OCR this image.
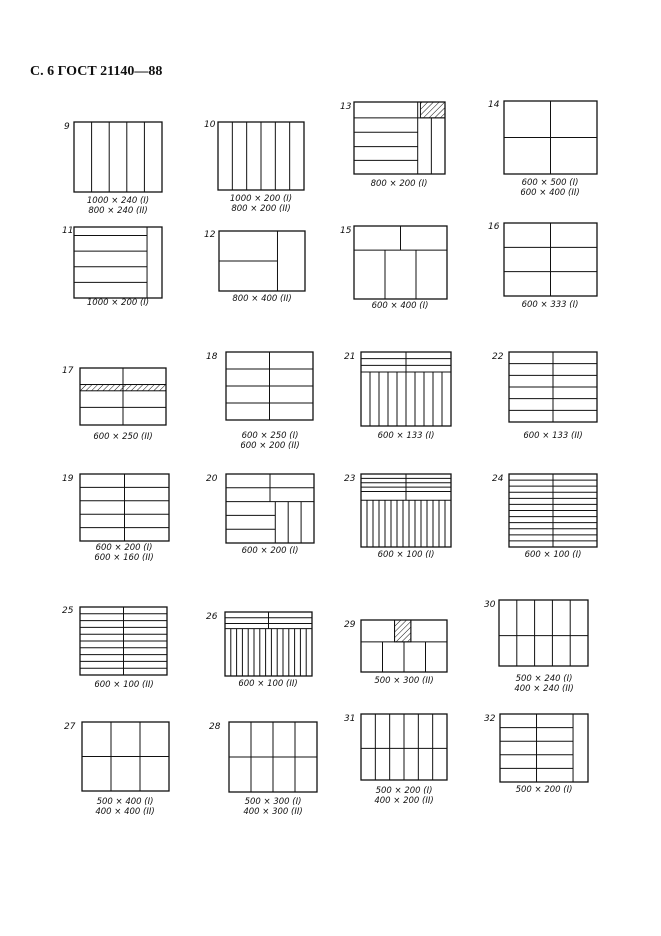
С. 6 ГОСТ 21140—88
9
1000 × 240 (I)
800 × 240 (II)
10
1000 × 200 (I)
800 × 200 (II)
13
800 × 200 (I)
14
600 × 500 (I)
600 × 400 (II)
11
1000 × 200 (I)
12
800 × 400 (II)
15
600 × 400 (I)
16
600 × 333 (I)
17
600 × 250 (II)
18
600 × 250 (I)
600 × 200 (II)
21
600 × 133 (I)
22
600 × 133 (II)
19
600 × 200 (I)
600 × 160 (II)
20
600 × 200 (I)
23
600 × 100 (I)
24
600 × 100 (I)
25
600 × 100 (II)
26
600 × 100 (II)
29
500 × 300 (II)
30
500 × 240 (I)
400 × 240 (II)
27
500 × 400 (I)
400 × 400 (II)
28
500 × 300 (I)
400 × 300 (II)
31
500 × 200 (I)
400 × 200 (II)
32
500 × 200 (I)
